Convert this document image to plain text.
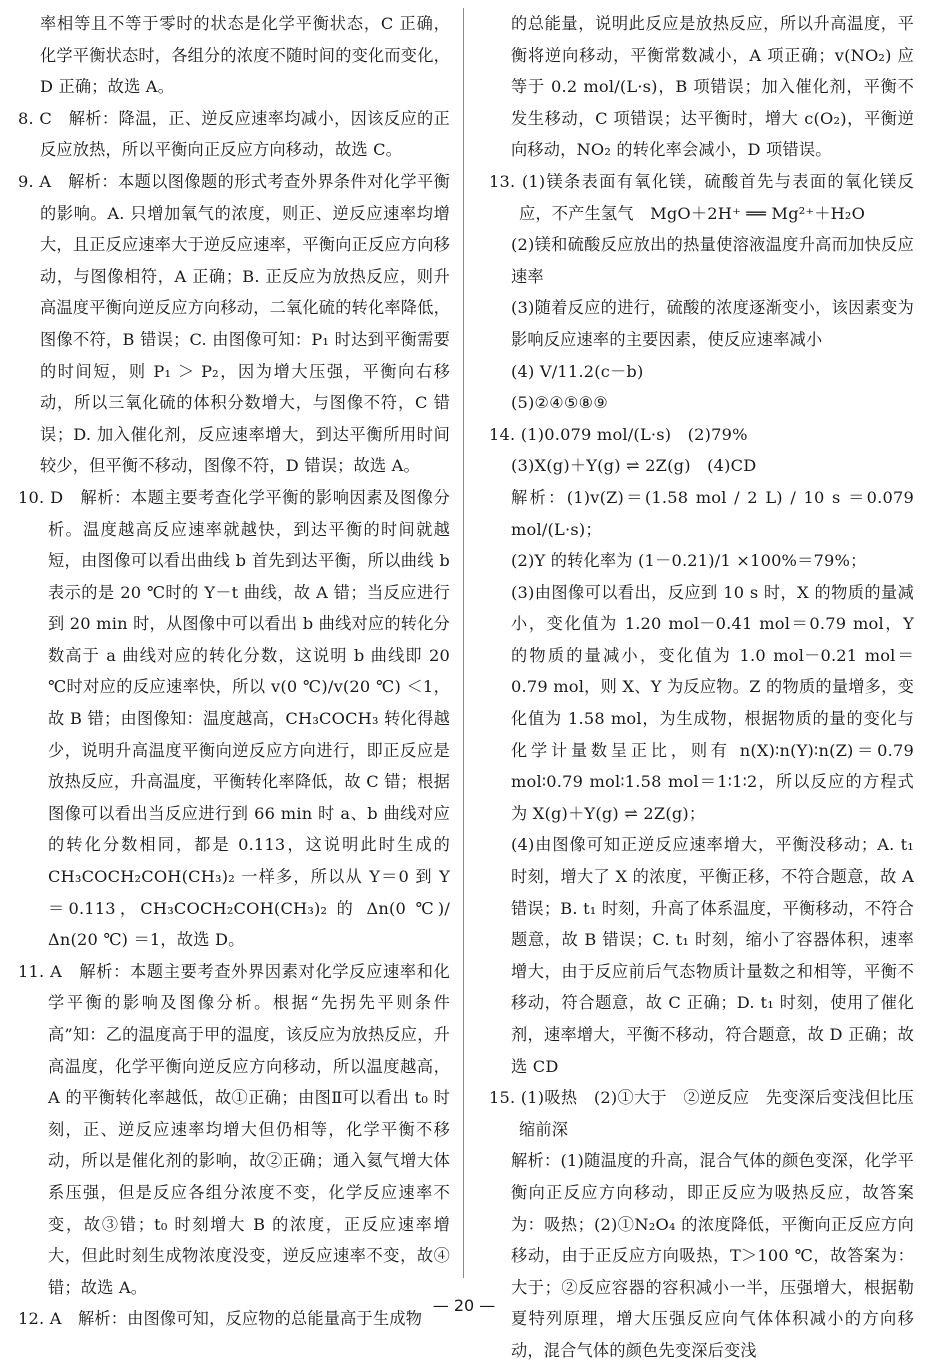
率相等且不等于零时的状态是化学平衡状态，C 正确，化学平衡状态时，各组分的浓度不随时间的变化而变化，D 正确；故选 A。

8. C　解析：降温，正、逆反应速率均减小，因该反应的正反应放热，所以平衡向正反应方向移动，故选 C。

9. A　解析：本题以图像题的形式考查外界条件对化学平衡的影响。A. 只增加氧气的浓度，则正、逆反应速率均增大，且正反应速率大于逆反应速率，平衡向正反应方向移动，与图像相符，A 正确；B. 正反应为放热反应，则升高温度平衡向逆反应方向移动，二氧化硫的转化率降低，图像不符，B 错误；C. 由图像可知：P₁ 时达到平衡需要的时间短，则 P₁ ＞ P₂，因为增大压强，平衡向右移动，所以三氧化硫的体积分数增大，与图像不符，C 错误；D. 加入催化剂，反应速率增大，到达平衡所用时间较少，但平衡不移动，图像不符，D 错误；故选 A。

10. D　解析：本题主要考查化学平衡的影响因素及图像分析。温度越高反应速率就越快，到达平衡的时间就越短，由图像可以看出曲线 b 首先到达平衡，所以曲线 b 表示的是 20 ℃时的 Y－t 曲线，故 A 错；当反应进行到 20 min 时，从图像中可以看出 b 曲线对应的转化分数高于 a 曲线对应的转化分数，这说明 b 曲线即 20 ℃时对应的反应速率快，所以 v(0 ℃)/v(20 ℃) ＜1，故 B 错；由图像知：温度越高，CH₃COCH₃ 转化得越少，说明升高温度平衡向逆反应方向进行，即正反应是放热反应，升高温度，平衡转化率降低，故 C 错；根据图像可以看出当反应进行到 66 min 时 a、b 曲线对应的转化分数相同，都是 0.113，这说明此时生成的 CH₃COCH₂COH(CH₃)₂ 一样多，所以从 Y＝0 到 Y＝0.113，CH₃COCH₂COH(CH₃)₂ 的 Δn(0 ℃)/Δn(20 ℃) ＝1，故选 D。

11. A　解析：本题主要考查外界因素对化学反应速率和化学平衡的影响及图像分析。根据“先拐先平则条件高”知：乙的温度高于甲的温度，该反应为放热反应，升高温度，化学平衡向逆反应方向移动，所以温度越高，A 的平衡转化率越低，故①正确；由图Ⅱ可以看出 t₀ 时刻，正、逆反应速率均增大但仍相等，化学平衡不移动，所以是催化剂的影响，故②正确；通入氦气增大体系压强，但是反应各组分浓度不变，化学反应速率不变，故③错；t₀ 时刻增大 B 的浓度，正反应速率增大，但此时刻生成物浓度没变，逆反应速率不变，故④错；故选 A。

12. A　解析：由图像可知，反应物的总能量高于生成物

的总能量，说明此反应是放热反应，所以升高温度，平衡将逆向移动，平衡常数减小，A 项正确；v(NO₂) 应等于 0.2 mol/(L·s)，B 项错误；加入催化剂，平衡不发生移动，C 项错误；达平衡时，增大 c(O₂)，平衡逆向移动，NO₂ 的转化率会减小，D 项错误。

13. (1)镁条表面有氧化镁，硫酸首先与表面的氧化镁反应，不产生氢气　MgO＋2H⁺ ══ Mg²⁺＋H₂O

(2)镁和硫酸反应放出的热量使溶液温度升高而加快反应速率

(3)随着反应的进行，硫酸的浓度逐渐变小，该因素变为影响反应速率的主要因素，使反应速率减小

(4) V/11.2(c－b)

(5)②④⑤⑧⑨

14. (1)0.079 mol/(L·s)　(2)79%

(3)X(g)＋Y(g) ⇌ 2Z(g)　(4)CD

解析：(1)v(Z)＝(1.58 mol / 2 L) / 10 s ＝0.079 mol/(L·s)；

(2)Y 的转化率为 (1－0.21)/1 ×100%＝79%；

(3)由图像可以看出，反应到 10 s 时，X 的物质的量减小，变化值为 1.20 mol－0.41 mol＝0.79 mol，Y 的物质的量减小，变化值为 1.0 mol－0.21 mol＝0.79 mol，则 X、Y 为反应物。Z 的物质的量增多，变化值为 1.58 mol，为生成物，根据物质的量的变化与化学计量数呈正比，则有 n(X)∶n(Y)∶n(Z)＝0.79 mol∶0.79 mol∶1.58 mol＝1∶1∶2，所以反应的方程式为 X(g)＋Y(g) ⇌ 2Z(g)；

(4)由图像可知正逆反应速率增大，平衡没移动；A. t₁ 时刻，增大了 X 的浓度，平衡正移，不符合题意，故 A 错误；B. t₁ 时刻，升高了体系温度，平衡移动，不符合题意，故 B 错误；C. t₁ 时刻，缩小了容器体积，速率增大，由于反应前后气态物质计量数之和相等，平衡不移动，符合题意，故 C 正确；D. t₁ 时刻，使用了催化剂，速率增大，平衡不移动，符合题意，故 D 正确；故选 CD

15. (1)吸热　(2)①大于　②逆反应　先变深后变浅但比压缩前深

解析：(1)随温度的升高，混合气体的颜色变深，化学平衡向正反应方向移动，即正反应为吸热反应，故答案为：吸热；(2)①N₂O₄ 的浓度降低，平衡向正反应方向移动，由于正反应方向吸热，T＞100 ℃，故答案为：大于；②反应容器的容积减小一半，压强增大，根据勒夏特列原理，增大压强反应向气体体积减小的方向移动，混合气体的颜色先变深后变浅

— 20 —
